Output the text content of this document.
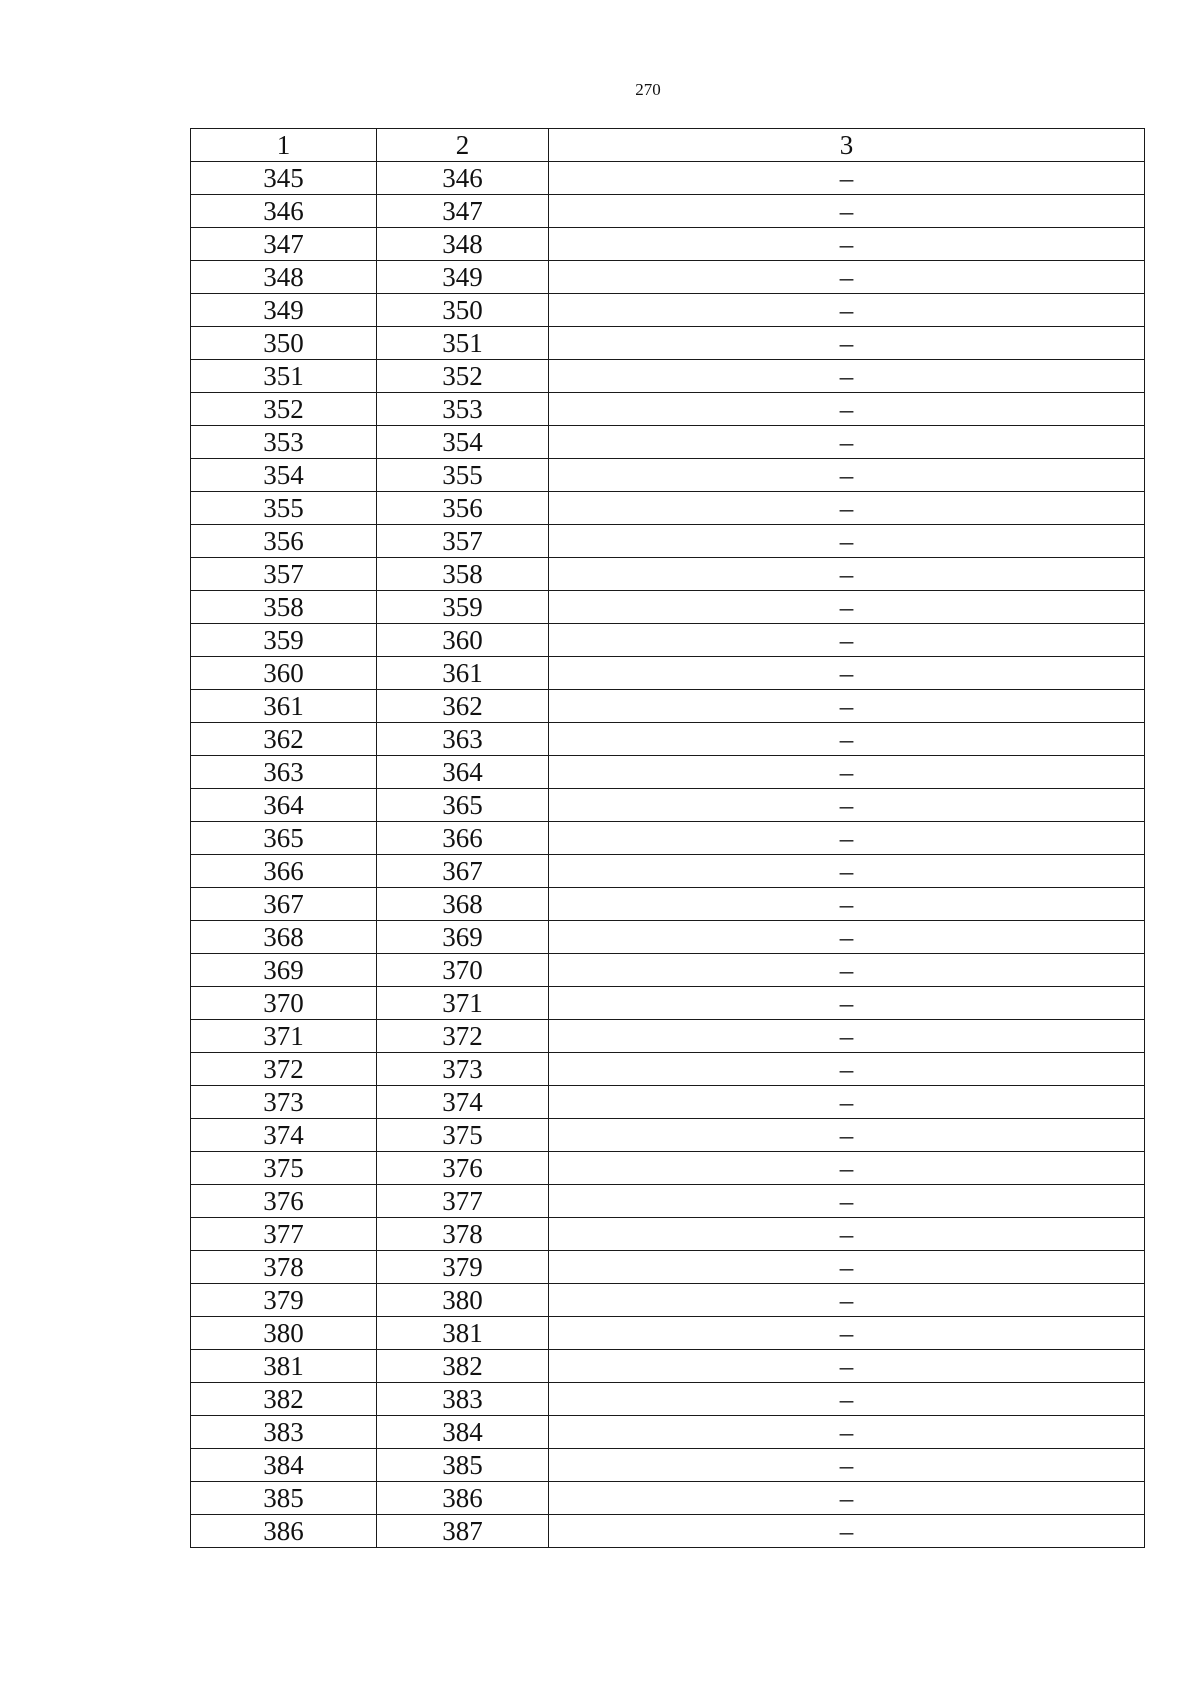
270
1	2	3
345	346	–
346	347	–
347	348	–
348	349	–
349	350	–
350	351	–
351	352	–
352	353	–
353	354	–
354	355	–
355	356	–
356	357	–
357	358	–
358	359	–
359	360	–
360	361	–
361	362	–
362	363	–
363	364	–
364	365	–
365	366	–
366	367	–
367	368	–
368	369	–
369	370	–
370	371	–
371	372	–
372	373	–
373	374	–
374	375	–
375	376	–
376	377	–
377	378	–
378	379	–
379	380	–
380	381	–
381	382	–
382	383	–
383	384	–
384	385	–
385	386	–
386	387	–
